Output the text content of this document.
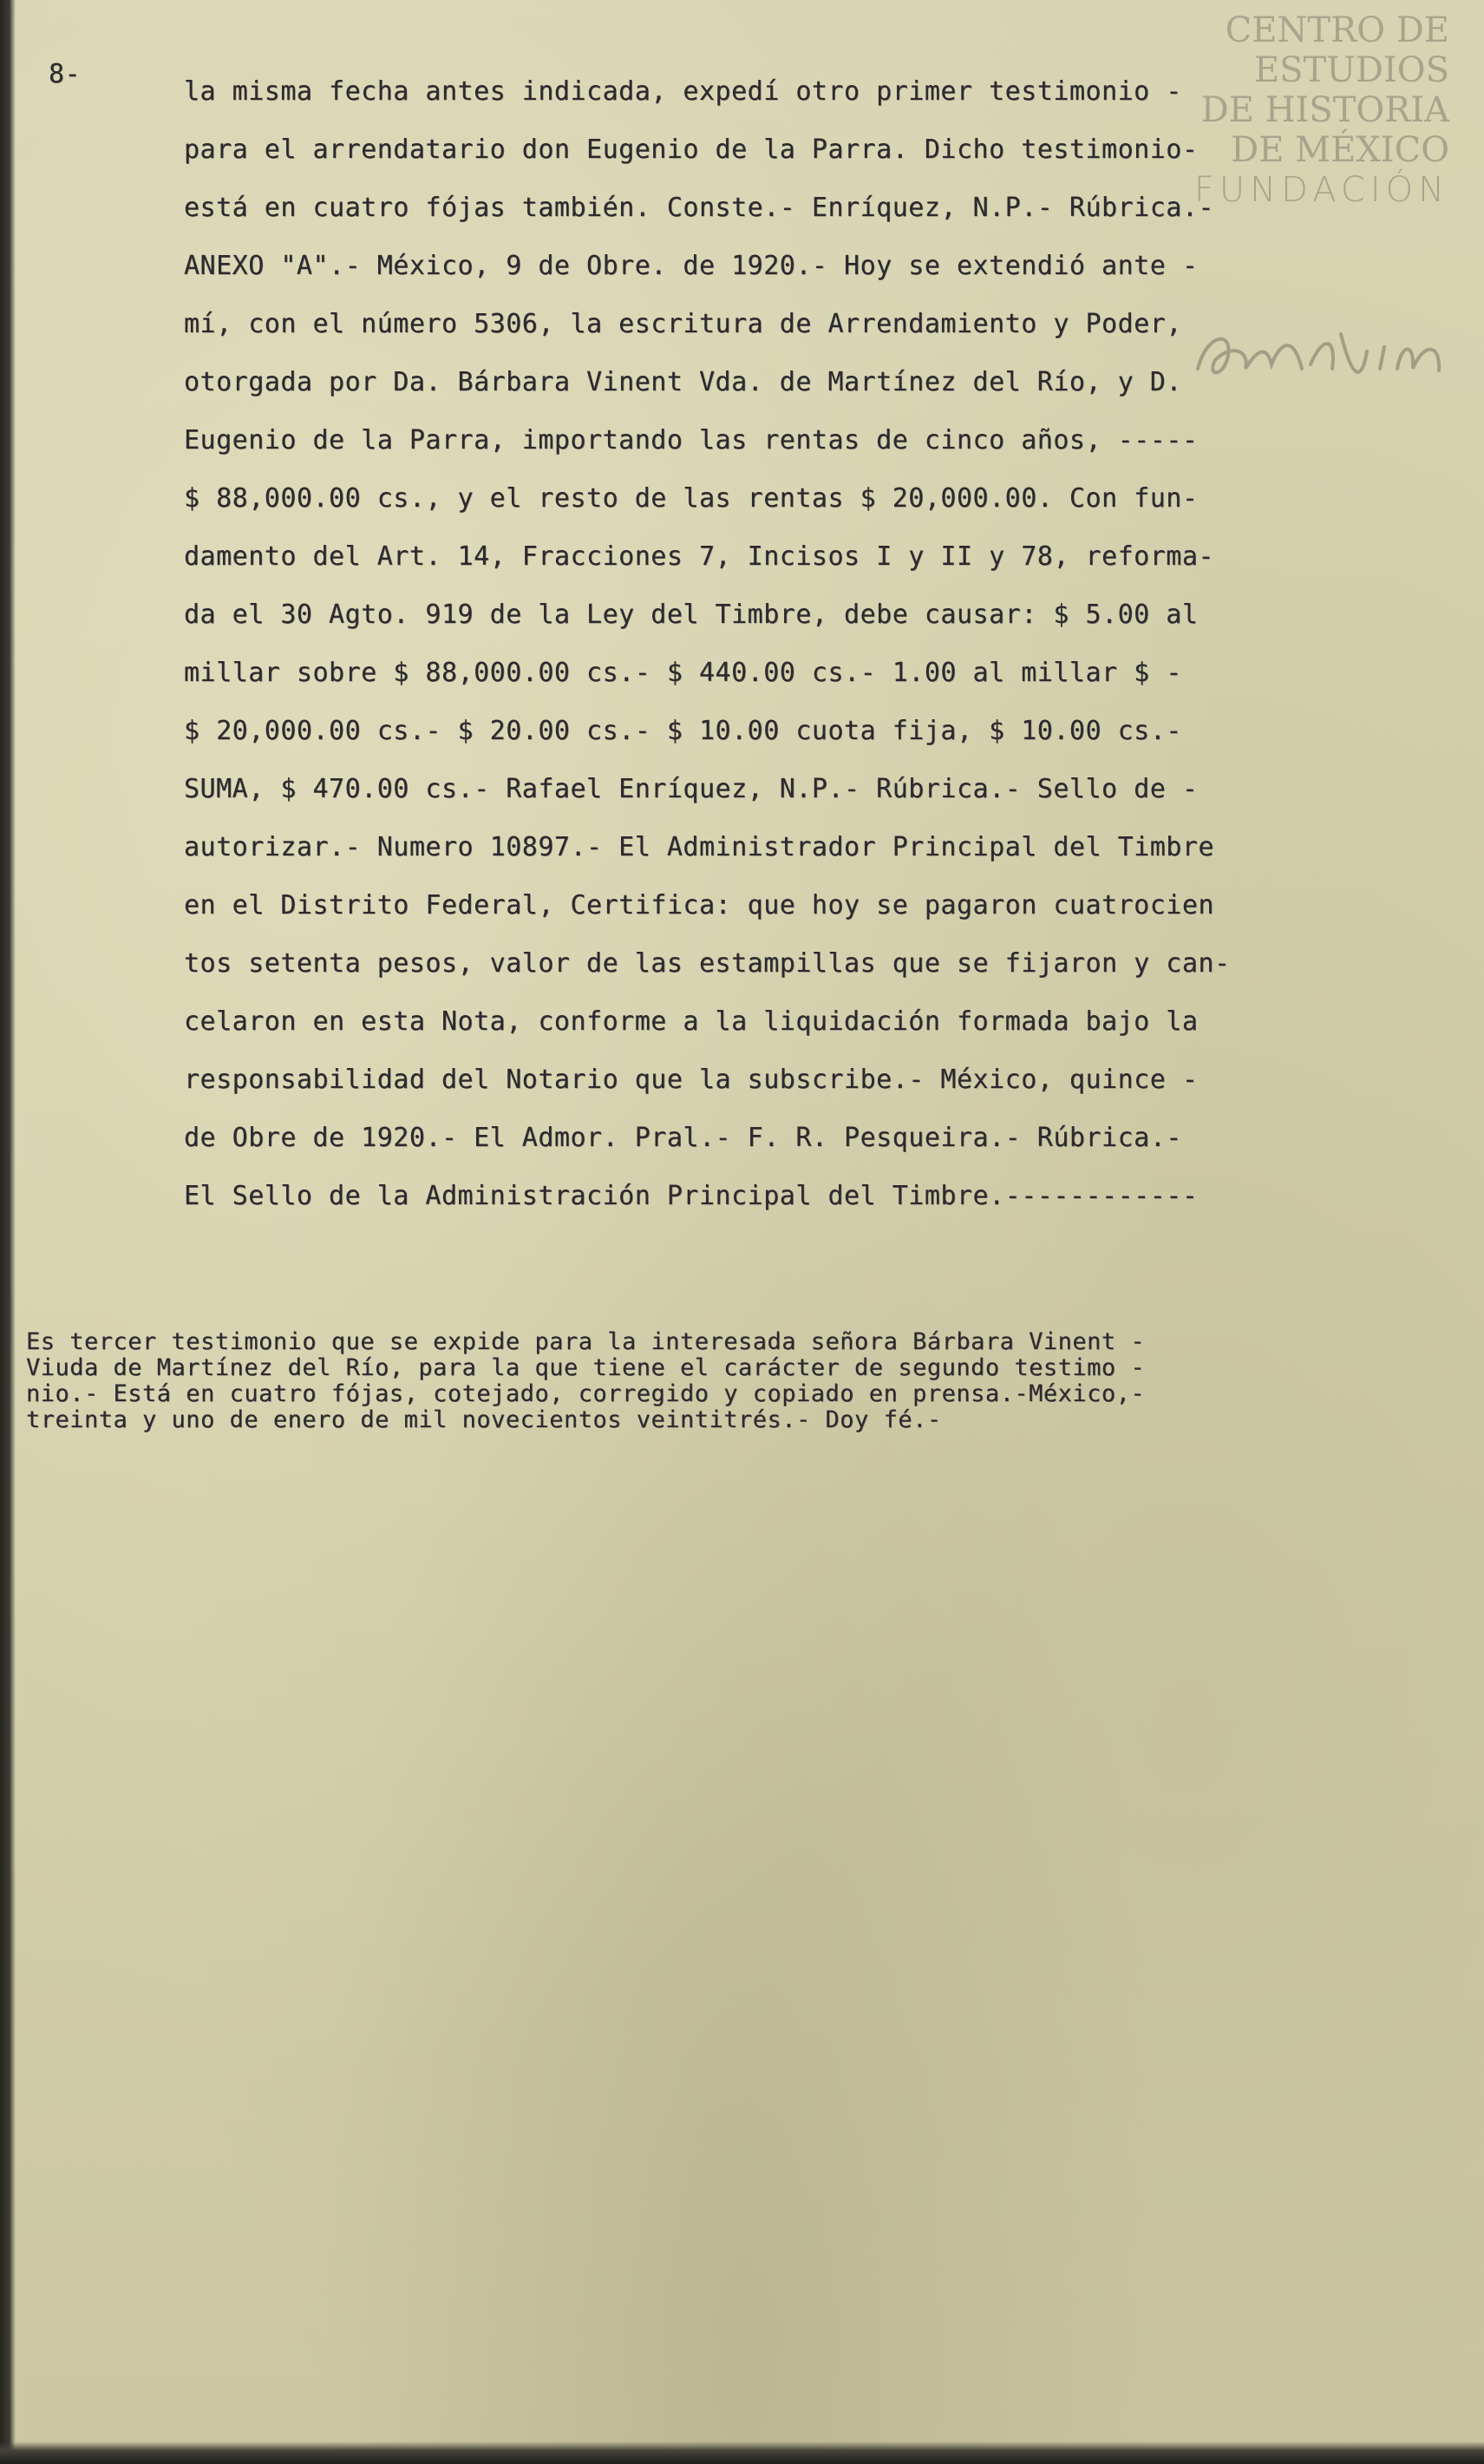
CENTRO DE
ESTUDIOS
DE HISTORIA
DE MÉXICO
FUNDACIÓN
8-
la misma fecha antes indicada, expedí otro primer testimonio -
para el arrendatario don Eugenio de la Parra. Dicho testimonio-
está en cuatro fójas también. Conste.- Enríquez, N.P.- Rúbrica.-
ANEXO "A".- México, 9 de Obre. de 1920.- Hoy se extendió ante -
mí, con el número 5306, la escritura de Arrendamiento y Poder,
otorgada por Da. Bárbara Vinent Vda. de Martínez del Río, y D.
Eugenio de la Parra, importando las rentas de cinco años, -----
$ 88,000.00 cs., y el resto de las rentas $ 20,000.00. Con fun-
damento del Art. 14, Fracciones 7, Incisos I y II y 78, reforma-
da el 30 Agto. 919 de la Ley del Timbre, debe causar: $ 5.00 al
millar sobre $ 88,000.00 cs.- $ 440.00 cs.- 1.00 al millar $ -
$ 20,000.00 cs.- $ 20.00 cs.- $ 10.00 cuota fija, $ 10.00 cs.-
SUMA, $ 470.00 cs.- Rafael Enríquez, N.P.- Rúbrica.- Sello de -
autorizar.- Numero 10897.- El Administrador Principal del Timbre
en el Distrito Federal, Certifica: que hoy se pagaron cuatrocien
tos setenta pesos, valor de las estampillas que se fijaron y can-
celaron en esta Nota, conforme a la liquidación formada bajo la
responsabilidad del Notario que la subscribe.- México, quince -
de Obre de 1920.- El Admor. Pral.- F. R. Pesqueira.- Rúbrica.-
El Sello de la Administración Principal del Timbre.------------
Es tercer testimonio que se expide para la interesada señora Bárbara Vinent -
Viuda de Martínez del Río, para la que tiene el carácter de segundo testimo -
nio.- Está en cuatro fójas, cotejado, corregido y copiado en prensa.-México,-
treinta y uno de enero de mil novecientos veintitrés.- Doy fé.-
